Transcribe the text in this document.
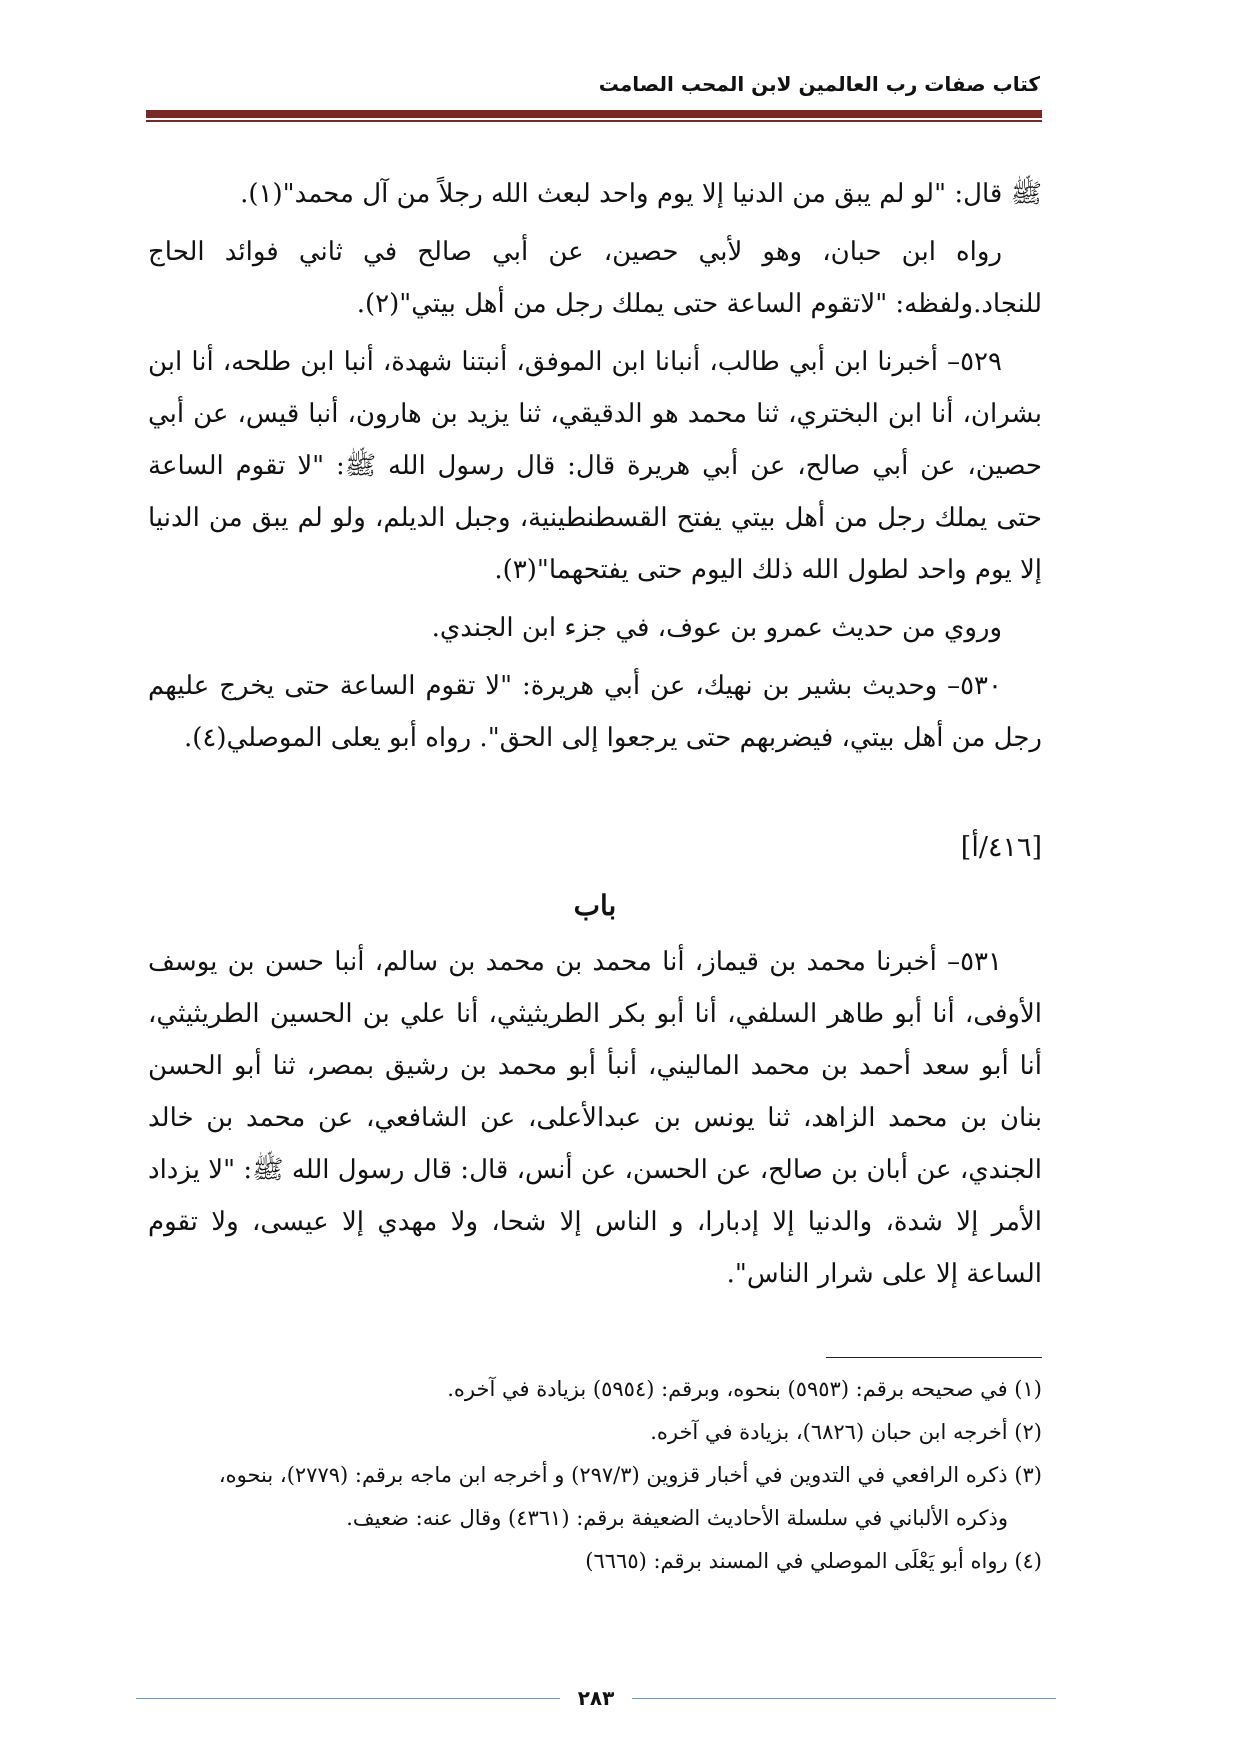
كتاب صفات رب العالمين لابن المحب الصامت

ﷺ قال: "لو لم يبق من الدنيا إلا يوم واحد لبعث الله رجلاً من آل محمد"(١).

رواه ابن حبان، وهو لأبي حصين، عن أبي صالح في ثاني فوائد الحاج للنجاد.ولفظه: "لاتقوم الساعة حتى يملك رجل من أهل بيتي"(٢).

٥٢٩– أخبرنا ابن أبي طالب، أنبانا ابن الموفق، أنبتنا شهدة، أنبا ابن طلحه، أنا ابن بشران، أنا ابن البختري، ثنا محمد هو الدقيقي، ثنا يزيد بن هارون، أنبا قيس، عن أبي حصين، عن أبي صالح، عن أبي هريرة قال: قال رسول الله ﷺ: "لا تقوم الساعة حتى يملك رجل من أهل بيتي يفتح القسطنطينية، وجبل الديلم، ولو لم يبق من الدنيا إلا يوم واحد لطول الله ذلك اليوم حتى يفتحهما"(٣).

وروي من حديث عمرو بن عوف، في جزء ابن الجندي.

٥٣٠– وحديث بشير بن نهيك، عن أبي هريرة: "لا تقوم الساعة حتى يخرج عليهم رجل من أهل بيتي، فيضربهم حتى يرجعوا إلى الحق". رواه أبو يعلى الموصلي(٤).

[٤١٦/أ]
باب

٥٣١– أخبرنا محمد بن قيماز، أنا محمد بن محمد بن سالم، أنبا حسن بن يوسف الأوفى، أنا أبو طاهر السلفي، أنا أبو بكر الطريثيثي، أنا علي بن الحسين الطريثيثي، أنا أبو سعد أحمد بن محمد الماليني، أنبأ أبو محمد بن رشيق بمصر، ثنا أبو الحسن بنان بن محمد الزاهد، ثنا يونس بن عبدالأعلى، عن الشافعي، عن محمد بن خالد الجندي، عن أبان بن صالح، عن الحسن، عن أنس، قال: قال رسول الله ﷺ: "لا يزداد الأمر إلا شدة، والدنيا إلا إدبارا، و الناس إلا شحا، ولا مهدي إلا عيسى، ولا تقوم الساعة إلا على شرار الناس".

(١) في صحيحه برقم: (٥٩٥٣) بنحوه، وبرقم: (٥٩٥٤) بزيادة في آخره.

(٢) أخرجه ابن حبان (٦٨٢٦)، بزيادة في آخره.

(٣) ذكره الرافعي في التدوين في أخبار قزوين (٢٩٧/٣) و أخرجه ابن ماجه برقم: (٢٧٧٩)، بنحوه،

وذكره الألباني في سلسلة الأحاديث الضعيفة برقم: (٤٣٦١) وقال عنه: ضعيف.

(٤) رواه أبو يَعْلَى الموصلي في المسند برقم: (٦٦٦٥)

٢٨٣
